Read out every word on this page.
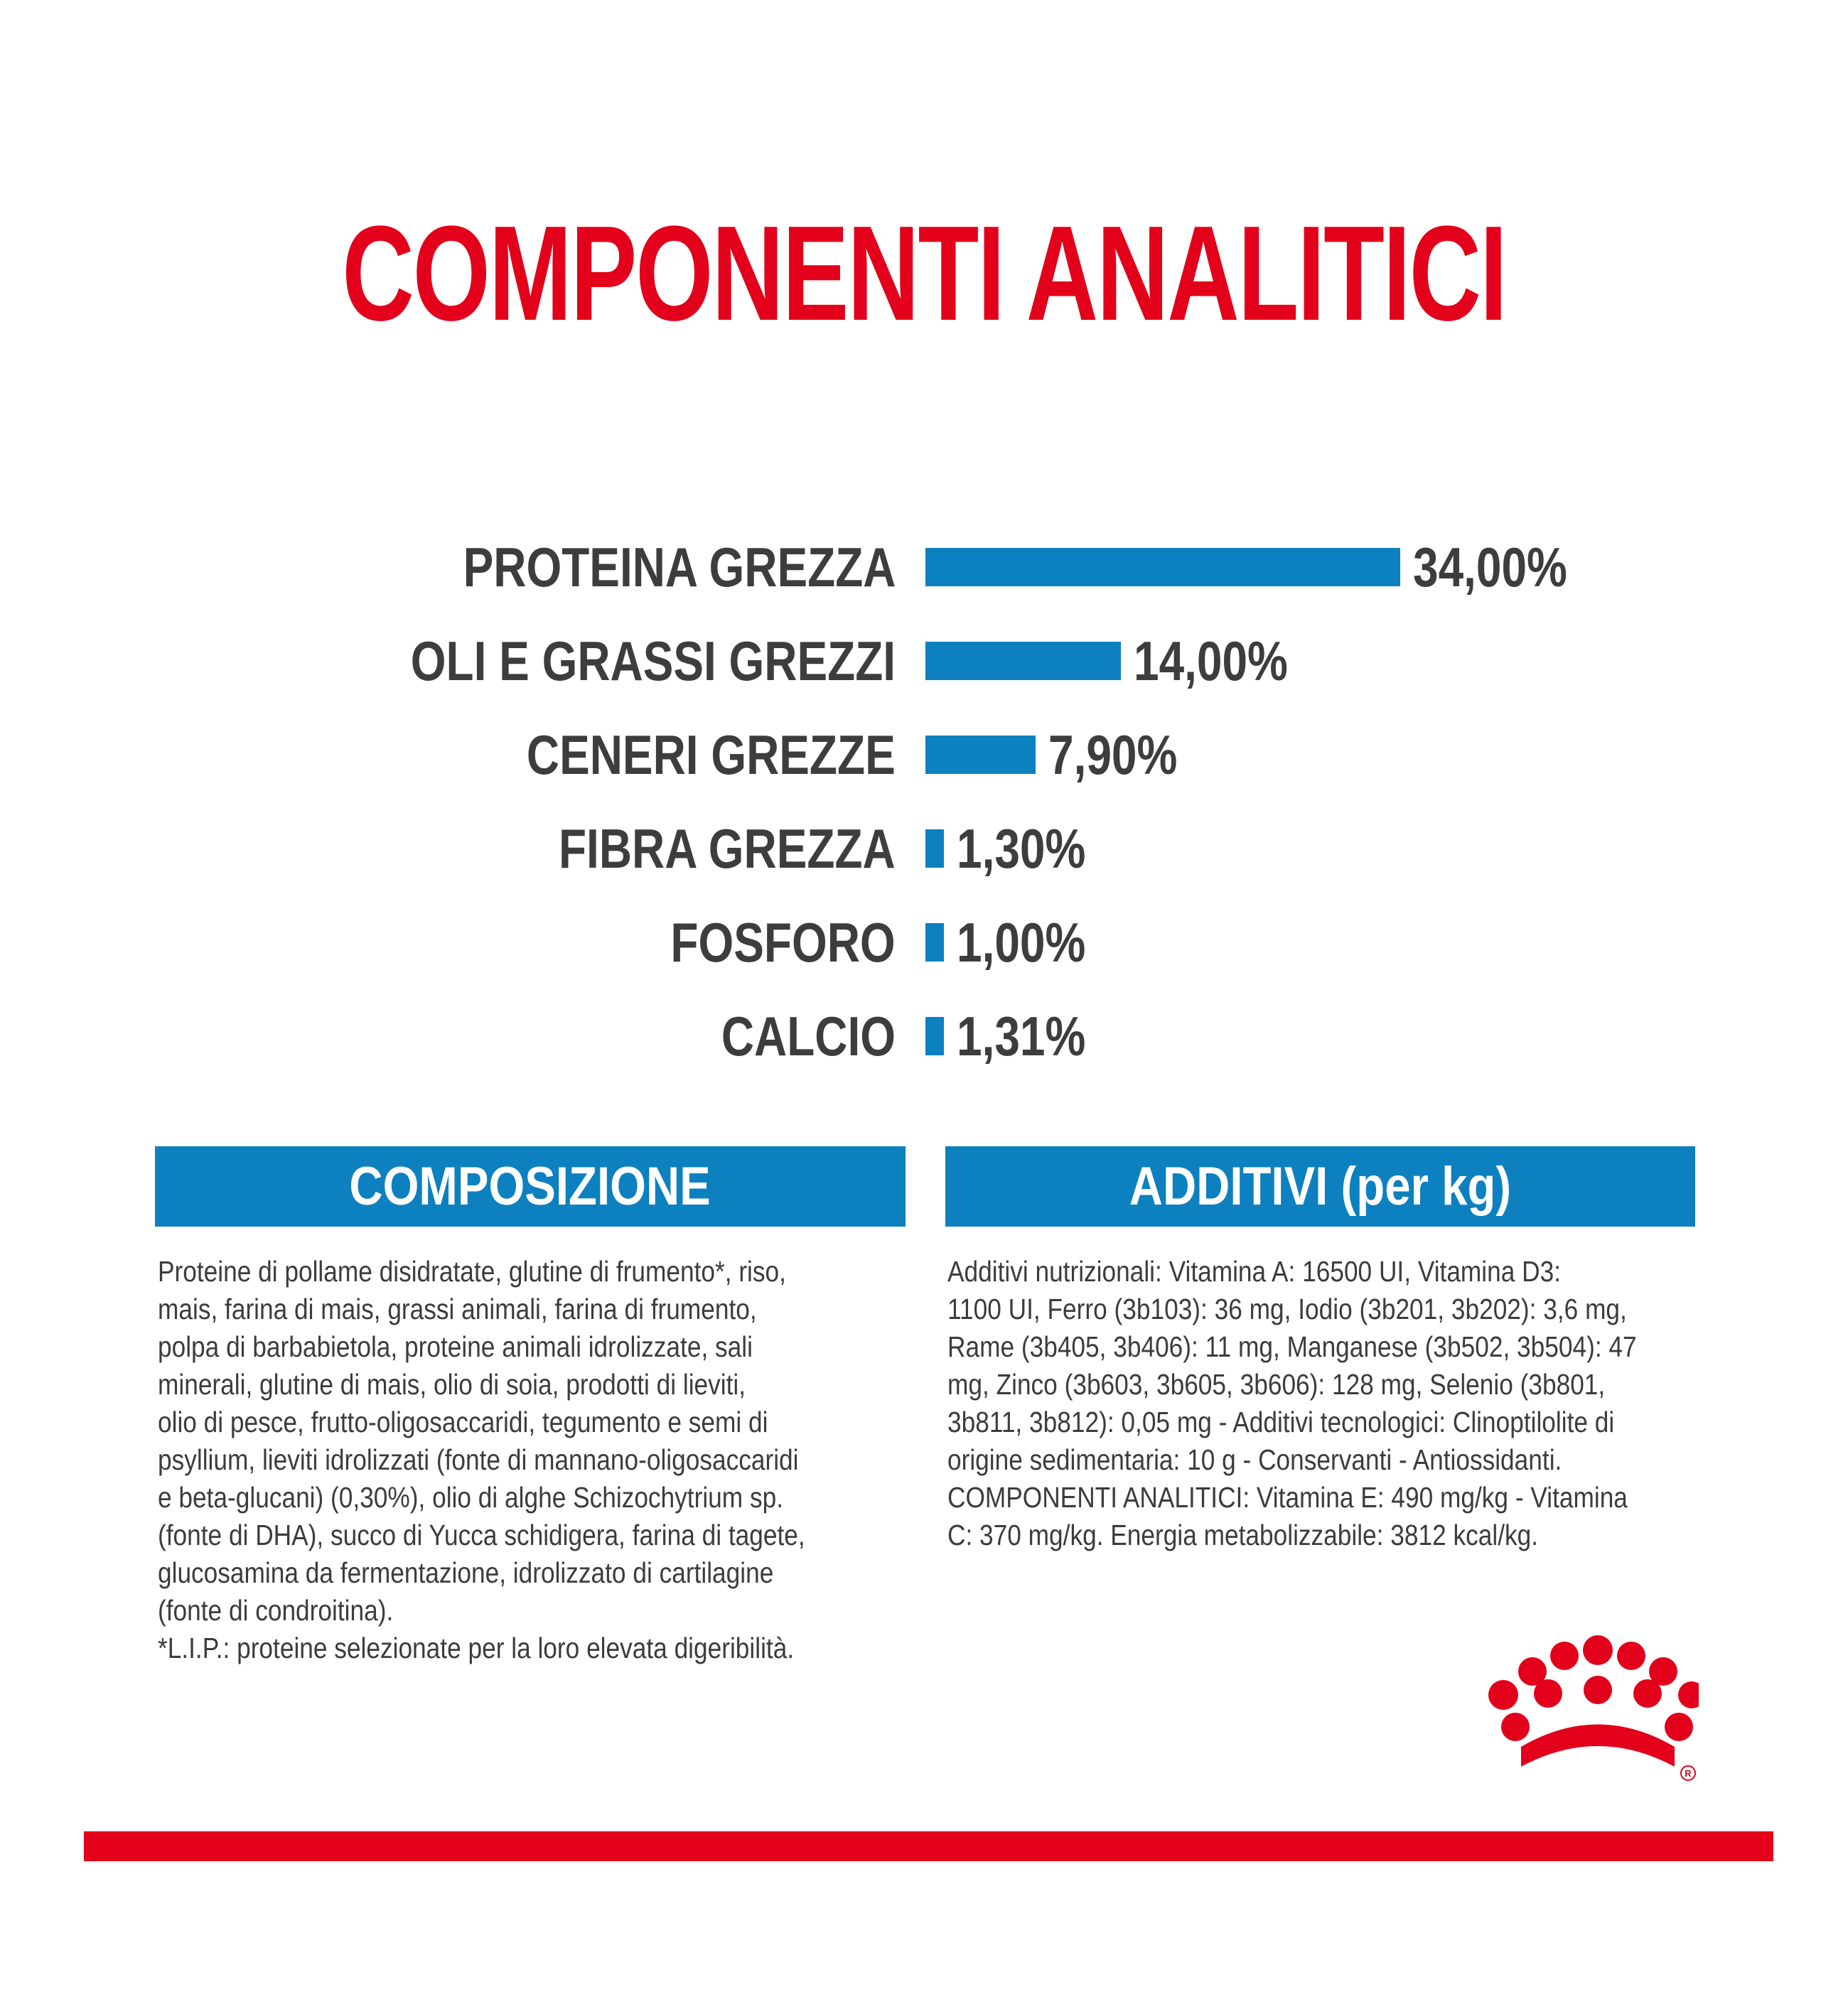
COMPONENTI ANALITICI
PROTEINA GREZZA	34,00%
OLI E GRASSI GREZZI	14,00%
CENERI GREZZE	7,90%
FIBRA GREZZA 1,30%
FOSFORO 1,00%
CALCIO 1,31%
COMPOSIZIONE
Proteine di pollame disidratate, glutine di frumento*, riso,
mais, farina di mais, grassi animali, farina di frumento,
polpa di barbabietola, proteine animali idrolizzate, sali
minerali, glutine di mais, olio di soia, prodotti di lieviti,
olio di pesce, frutto-oligosaccaridi, tegumento e semi di
psyllium, lieviti idrolizzati (fonte di mannano-oligosaccaridi
e beta-glucani) (0,30%), olio di alghe Schizochytrium sp.
(fonte di DHA), succo di Yucca schidigera, farina di tagete,
glucosamina da fermentazione, idrolizzato di cartilagine
(fonte di condroitina).
*L.I.P.: proteine selezionate per la loro elevata digeribilità.
ADDITIVI (per kg)
Additivi nutrizionali: Vitamina A: 16500 UI, Vitamina D3:
1100 UI, Ferro (3b103): 36 mg, Iodio (3b201, 3b202): 3,6 mg,
Rame (3b405, 3b406): 11 mg, Manganese (3b502, 3b504): 47
mg, Zinco (3b603, 3b605, 3b606): 128 mg, Selenio (3b801,
3b811, 3b812): 0,05 mg - Additivi tecnologici: Clinoptilolite di
origine sedimentaria: 10 g - Conservanti - Antiossidanti.
COMPONENTI ANALITICI: Vitamina E: 490 mg/kg - Vitamina
C: 370 mg/kg. Energia metabolizzabile: 3812 kcal/kg.
R
